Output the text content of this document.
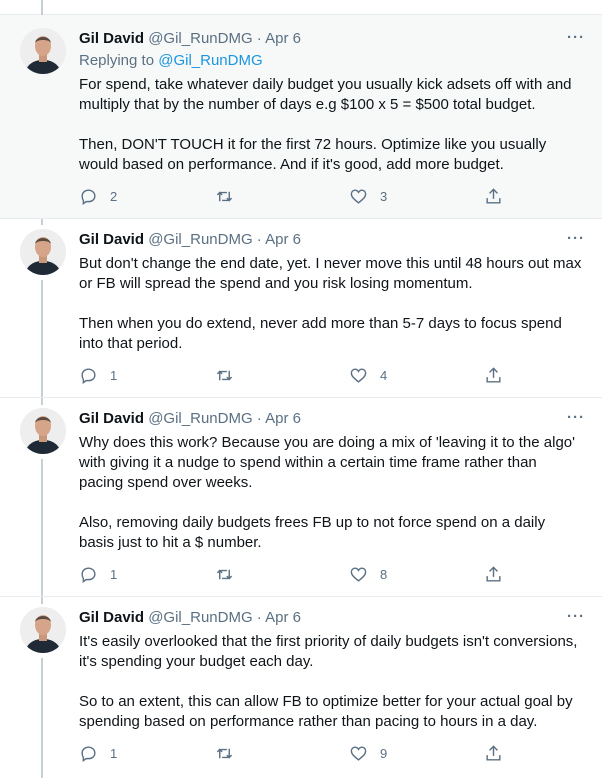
Gil David @Gil_RunDMG · Apr 6	···
Replying to @Gil_RunDMG

For spend, take whatever daily budget you usually kick adsets off with and multiply that by the number of days e.g $100 x 5 = $500 total budget.

Then, DON'T TOUCH it for the first 72 hours. Optimize like you usually would based on performance. And if it's good, add more budget.

2	3
Gil David @Gil_RunDMG · Apr 6	···

But don't change the end date, yet. I never move this until 48 hours out max or FB will spread the spend and you risk losing momentum.

Then when you do extend, never add more than 5-7 days to focus spend into that period.

1	4
Gil David @Gil_RunDMG · Apr 6	···

Why does this work? Because you are doing a mix of 'leaving it to the algo' with giving it a nudge to spend within a certain time frame rather than pacing spend over weeks.

Also, removing daily budgets frees FB up to not force spend on a daily basis just to hit a $ number.

1	8
Gil David @Gil_RunDMG · Apr 6	···

It's easily overlooked that the first priority of daily budgets isn't conversions, it's spending your budget each day.

So to an extent, this can allow FB to optimize better for your actual goal by spending based on performance rather than pacing to hours in a day.

1	9
